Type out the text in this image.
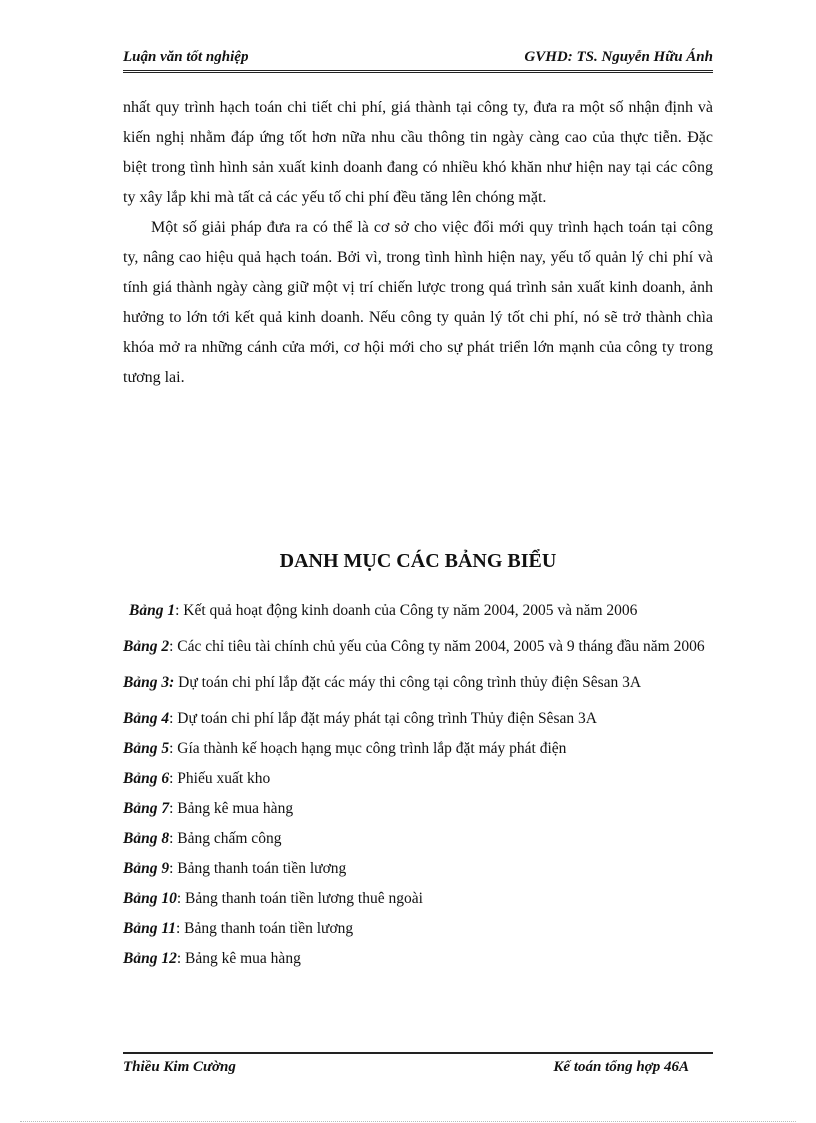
Luận văn tốt nghiệp	GVHD: TS. Nguyễn Hữu Ánh

nhất quy trình hạch toán chi tiết chi phí, giá thành tại công ty, đưa ra một số nhận định và kiến nghị nhằm đáp ứng tốt hơn nữa nhu cầu thông tin ngày càng cao của thực tiễn. Đặc biệt trong tình hình sản xuất kinh doanh đang có nhiều khó khăn như hiện nay tại các công ty xây lắp khi mà tất cả các yếu tố chi phí đều tăng lên chóng mặt.

Một số giải pháp đưa ra có thể là cơ sở cho việc đổi mới quy trình hạch toán tại công ty, nâng cao hiệu quả hạch toán. Bởi vì, trong tình hình hiện nay, yếu tố quản lý chi phí và tính giá thành ngày càng giữ một vị trí chiến lược trong quá trình sản xuất kinh doanh, ảnh hưởng to lớn tới kết quả kinh doanh. Nếu công ty quản lý tốt chi phí, nó sẽ trở thành chìa khóa mở ra những cánh cửa mới, cơ hội mới cho sự phát triển lớn mạnh của công ty trong tương lai.

DANH MỤC CÁC BẢNG BIỂU
Bảng 1: Kết quả hoạt động kinh doanh của Công ty năm 2004, 2005 và năm 2006
Bảng 2: Các chỉ tiêu tài chính chủ yếu của Công ty năm 2004, 2005 và 9 tháng đầu năm 2006
Bảng 3: Dự toán chi phí lắp đặt các máy thi công tại công trình thủy điện Sêsan 3A
Bảng 4: Dự toán chi phí lắp đặt máy phát tại công trình Thủy điện Sêsan 3A
Bảng 5: Gía thành kế hoạch hạng mục công trình lắp đặt máy phát điện
Bảng 6: Phiếu xuất kho
Bảng 7: Bảng kê mua hàng
Bảng 8: Bảng chấm công
Bảng 9: Bảng thanh toán tiền lương
Bảng 10: Bảng thanh toán tiền lương thuê ngoài
Bảng 11: Bảng thanh toán tiền lương
Bảng 12: Bảng kê mua hàng
Thiều Kim Cường	Kế toán tổng hợp 46A
